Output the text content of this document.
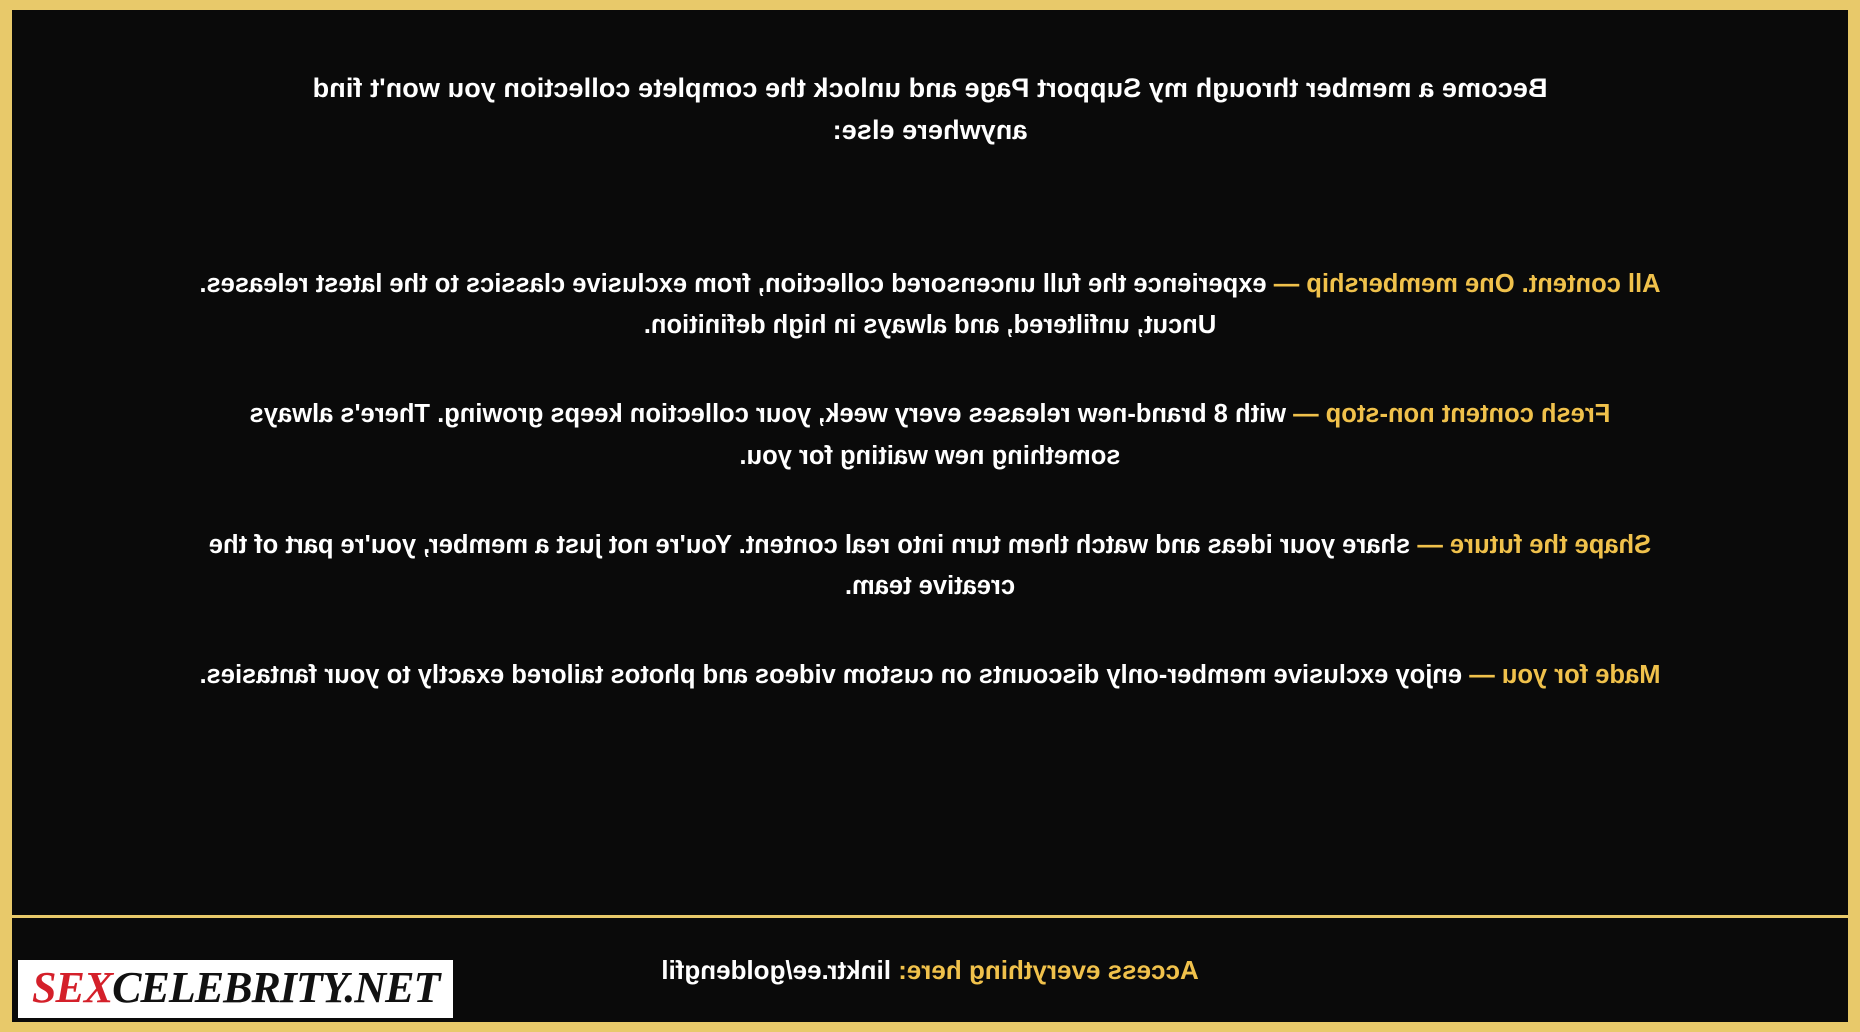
Become a member through my Support Page and unlock the complete collection you won't find anywhere else:

All content. One membership — experience the full uncensored collection, from exclusive classics to the latest releases. Uncut, unfiltered, and always in high definition.

Fresh content non-stop — with 8 brand-new releases every week, your collection keeps growing. There's always something new waiting for you.

Shape the future — share your ideas and watch them turn into real content. You're not just a member, you're part of the creative team.

Made for you — enjoy exclusive member-only discounts on custom videos and photos tailored exactly to your fantasies.

Access everything here: linktr.ee/goldengfil
SEXCELEBRITY.NET
